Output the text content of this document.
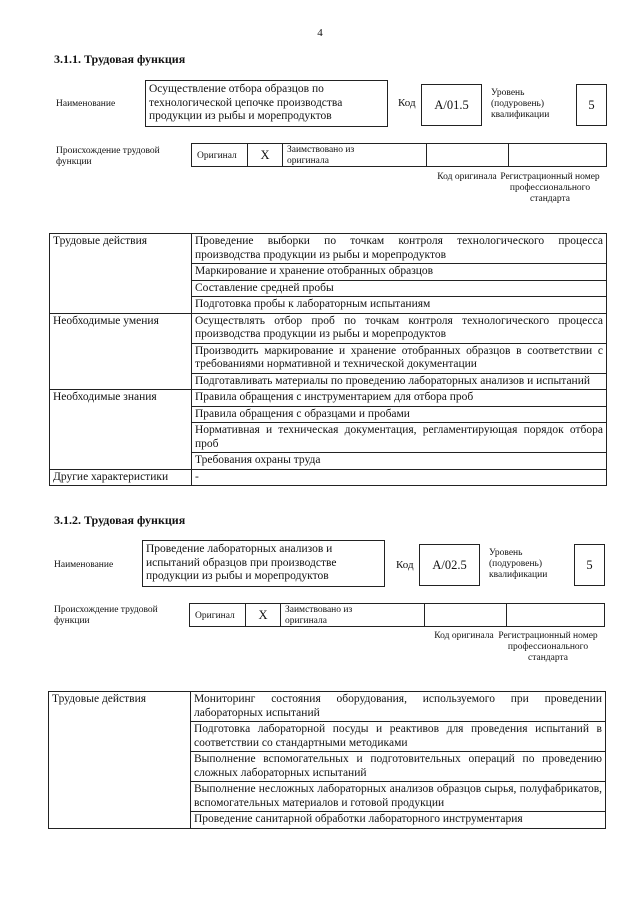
4
3.1.1. Трудовая функция
Наименование
Осуществление отбора образцов по технологической цепочке производства продукции из рыбы и морепродуктов
Код	A/01.5
Уровень (подуровень) квалификации
5
Происхождение трудовой функции
Оригинал	X	Заимствовано из оригинала
Код оригинала Регистрационный номер профессионального стандарта
Трудовые действия	Проведение выборки по точкам контроля технологического процесса производства продукции из рыбы и морепродуктов
	Маркирование и хранение отобранных образцов
	Составление средней пробы
	Подготовка пробы к лабораторным испытаниям
Необходимые умения	Осуществлять отбор проб по точкам контроля технологического процесса производства продукции из рыбы и морепродуктов
	Производить маркирование и хранение отобранных образцов в соответствии с требованиями нормативной и технической документации
	Подготавливать материалы по проведению лабораторных анализов и испытаний
Необходимые знания	Правила обращения с инструментарием для отбора проб
	Правила обращения с образцами и пробами
	Нормативная и техническая документация, регламентирующая порядок отбора проб
	Требования охраны труда
Другие характеристики	-
3.1.2. Трудовая функция
Наименование
Проведение лабораторных анализов и испытаний образцов при производстве продукции из рыбы и морепродуктов
Код	A/02.5
Уровень (подуровень) квалификации
5
Происхождение трудовой функции	Оригинал	X	Заимствовано из оригинала
Код оригинала Регистрационный номер профессионального стандарта
Трудовые действия	Мониторинг состояния оборудования, используемого при проведении лабораторных испытаний
Подготовка лабораторной посуды и реактивов для проведения испытаний в соответствии со стандартными методиками
Выполнение вспомогательных и подготовительных операций по проведению сложных лабораторных испытаний
Выполнение несложных лабораторных анализов образцов сырья, полуфабрикатов, вспомогательных материалов и готовой продукции
Проведение санитарной обработки лабораторного инструментария
